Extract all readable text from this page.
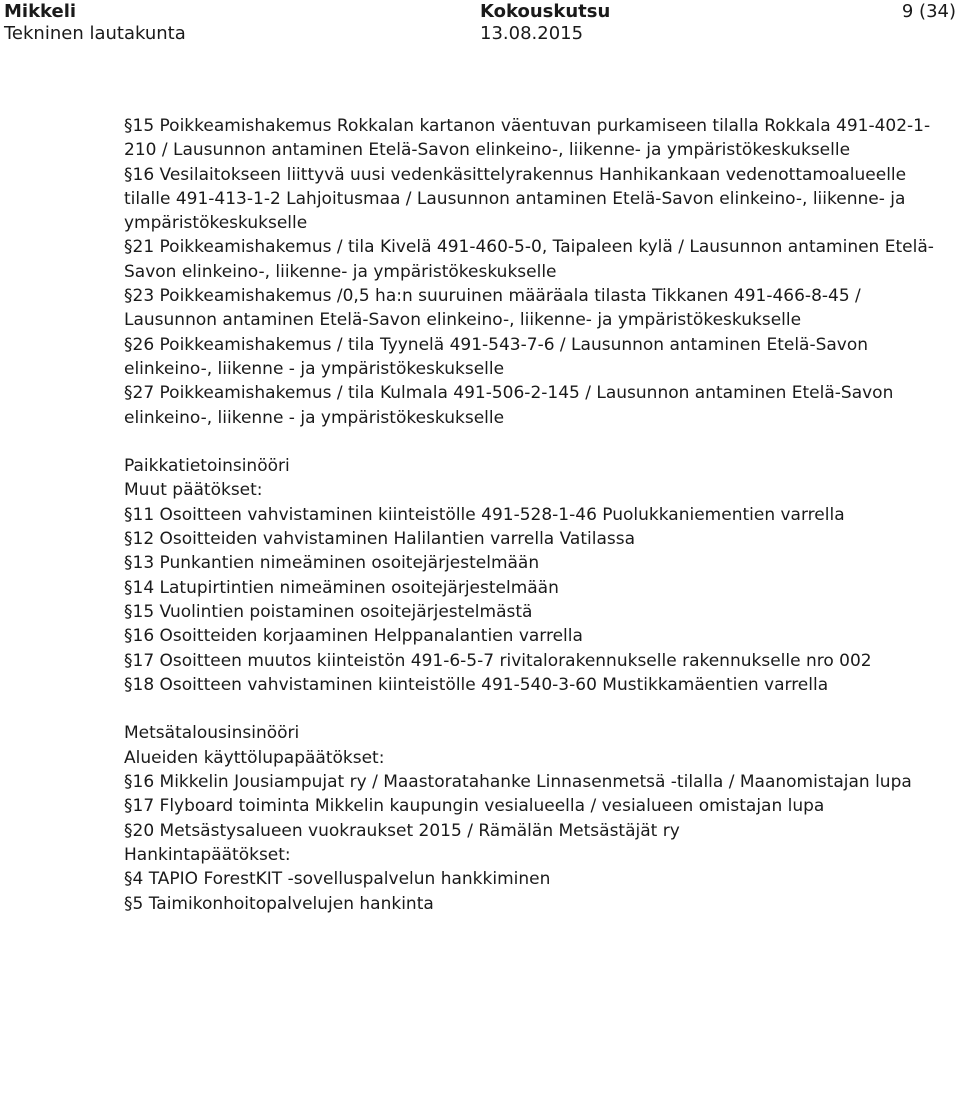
Mikkeli
Tekninen lautakunta
Kokouskutsu
13.08.2015
9 (34)

§15 Poikkeamishakemus Rokkalan kartanon väentuvan purkamiseen tilalla Rokkala 491-402-1-210 / Lausunnon antaminen Etelä-Savon elinkeino-, liikenne- ja ympäristökeskukselle

§16 Vesilaitokseen liittyvä uusi vedenkäsittelyrakennus Hanhikankaan vedenottamoalueelle tilalle 491-413-1-2 Lahjoitusmaa / Lausunnon antaminen Etelä-Savon elinkeino-, liikenne- ja ympäristökeskukselle

§21 Poikkeamishakemus / tila Kivelä 491-460-5-0, Taipaleen kylä / Lausunnon antaminen Etelä-Savon elinkeino-, liikenne- ja ympäristökeskukselle

§23 Poikkeamishakemus /0,5 ha:n suuruinen määräala tilasta Tikkanen 491-466-8-45 / Lausunnon antaminen Etelä-Savon elinkeino-, liikenne- ja ympäristökeskukselle

§26 Poikkeamishakemus / tila Tyynelä 491-543-7-6 / Lausunnon antaminen Etelä-Savon elinkeino-, liikenne - ja ympäristökeskukselle

§27 Poikkeamishakemus / tila Kulmala 491-506-2-145 / Lausunnon antaminen Etelä-Savon elinkeino-, liikenne - ja ympäristökeskukselle

Paikkatietoinsinööri

Muut päätökset:

§11 Osoitteen vahvistaminen kiinteistölle 491-528-1-46 Puolukkaniementien varrella

§12 Osoitteiden vahvistaminen Halilantien varrella Vatilassa

§13 Punkantien nimeäminen osoitejärjestelmään

§14 Latupirtintien nimeäminen osoitejärjestelmään

§15 Vuolintien poistaminen osoitejärjestelmästä

§16 Osoitteiden korjaaminen Helppanalantien varrella

§17 Osoitteen muutos kiinteistön 491-6-5-7 rivitalorakennukselle rakennukselle nro 002

§18 Osoitteen vahvistaminen kiinteistölle 491-540-3-60 Mustikkamäentien varrella

Metsätalousinsinööri

Alueiden käyttölupapäätökset:

§16 Mikkelin Jousiampujat ry / Maastoratahanke Linnasenmetsä -tilalla / Maanomistajan lupa

§17 Flyboard toiminta Mikkelin kaupungin vesialueella / vesialueen omistajan lupa

§20 Metsästysalueen vuokraukset 2015 / Rämälän Metsästäjät ry

Hankintapäätökset:

§4 TAPIO ForestKIT -sovelluspalvelun hankkiminen

§5 Taimikonhoitopalvelujen hankinta
